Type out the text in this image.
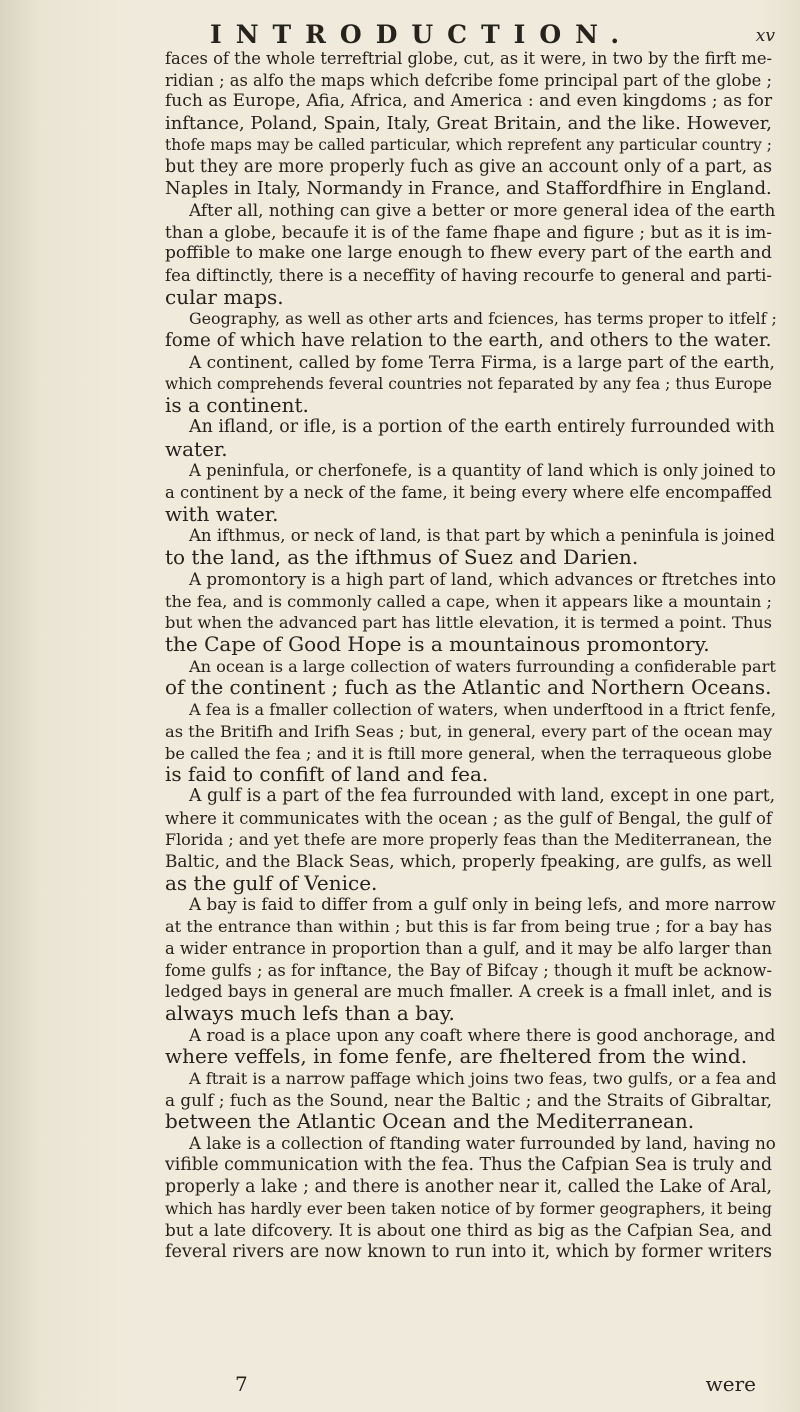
INTRODUCTION.	xv
faces of the whole terreftrial globe, cut, as it were, in two by the firft me-
ridian ; as alfo the maps which defcribe fome principal part of the globe ;
fuch as Europe, Afia, Africa, and America : and even kingdoms ; as for
inftance, Poland, Spain, Italy, Great Britain, and the like. However,
thofe maps may be called particular, which reprefent any particular country ;
but they are more properly fuch as give an account only of a part, as
Naples in Italy, Normandy in France, and Staffordfhire in England.
After all, nothing can give a better or more general idea of the earth
than a globe, becaufe it is of the fame fhape and figure ; but as it is im-
poffible to make one large enough to fhew every part of the earth and
fea diftinctly, there is a neceffity of having recourfe to general and parti-
cular maps.
Geography, as well as other arts and fciences, has terms proper to itfelf ;
fome of which have relation to the earth, and others to the water.
A continent, called by fome Terra Firma, is a large part of the earth,
which comprehends feveral countries not feparated by any fea ; thus Europe
is a continent.
An ifland, or ifle, is a portion of the earth entirely furrounded with
water.
A peninfula, or cherfonefe, is a quantity of land which is only joined to
a continent by a neck of the fame, it being every where elfe encompaffed
with water.
An ifthmus, or neck of land, is that part by which a peninfula is joined
to the land, as the ifthmus of Suez and Darien.
A promontory is a high part of land, which advances or ftretches into
the fea, and is commonly called a cape, when it appears like a mountain ;
but when the advanced part has little elevation, it is termed a point. Thus
the Cape of Good Hope is a mountainous promontory.
An ocean is a large collection of waters furrounding a confiderable part
of the continent ; fuch as the Atlantic and Northern Oceans.
A fea is a fmaller collection of waters, when underftood in a ftrict fenfe,
as the Britifh and Irifh Seas ; but, in general, every part of the ocean may
be called the fea ; and it is ftill more general, when the terraqueous globe
is faid to confift of land and fea.
A gulf is a part of the fea furrounded with land, except in one part,
where it communicates with the ocean ; as the gulf of Bengal, the gulf of
Florida ; and yet thefe are more properly feas than the Mediterranean, the
Baltic, and the Black Seas, which, properly fpeaking, are gulfs, as well
as the gulf of Venice.
A bay is faid to differ from a gulf only in being lefs, and more narrow
at the entrance than within ; but this is far from being true ; for a bay has
a wider entrance in proportion than a gulf, and it may be alfo larger than
fome gulfs ; as for inftance, the Bay of Bifcay ; though it muft be acknow-
ledged bays in general are much fmaller. A creek is a fmall inlet, and is
always much lefs than a bay.
A road is a place upon any coaft where there is good anchorage, and
where veffels, in fome fenfe, are fheltered from the wind.
A ftrait is a narrow paffage which joins two feas, two gulfs, or a fea and
a gulf ; fuch as the Sound, near the Baltic ; and the Straits of Gibraltar,
between the Atlantic Ocean and the Mediterranean.
A lake is a collection of ftanding water furrounded by land, having no
vifible communication with the fea. Thus the Cafpian Sea is truly and
properly a lake ; and there is another near it, called the Lake of Aral,
which has hardly ever been taken notice of by former geographers, it being
but a late difcovery. It is about one third as big as the Cafpian Sea, and
feveral rivers are now known to run into it, which by former writers
7	were
